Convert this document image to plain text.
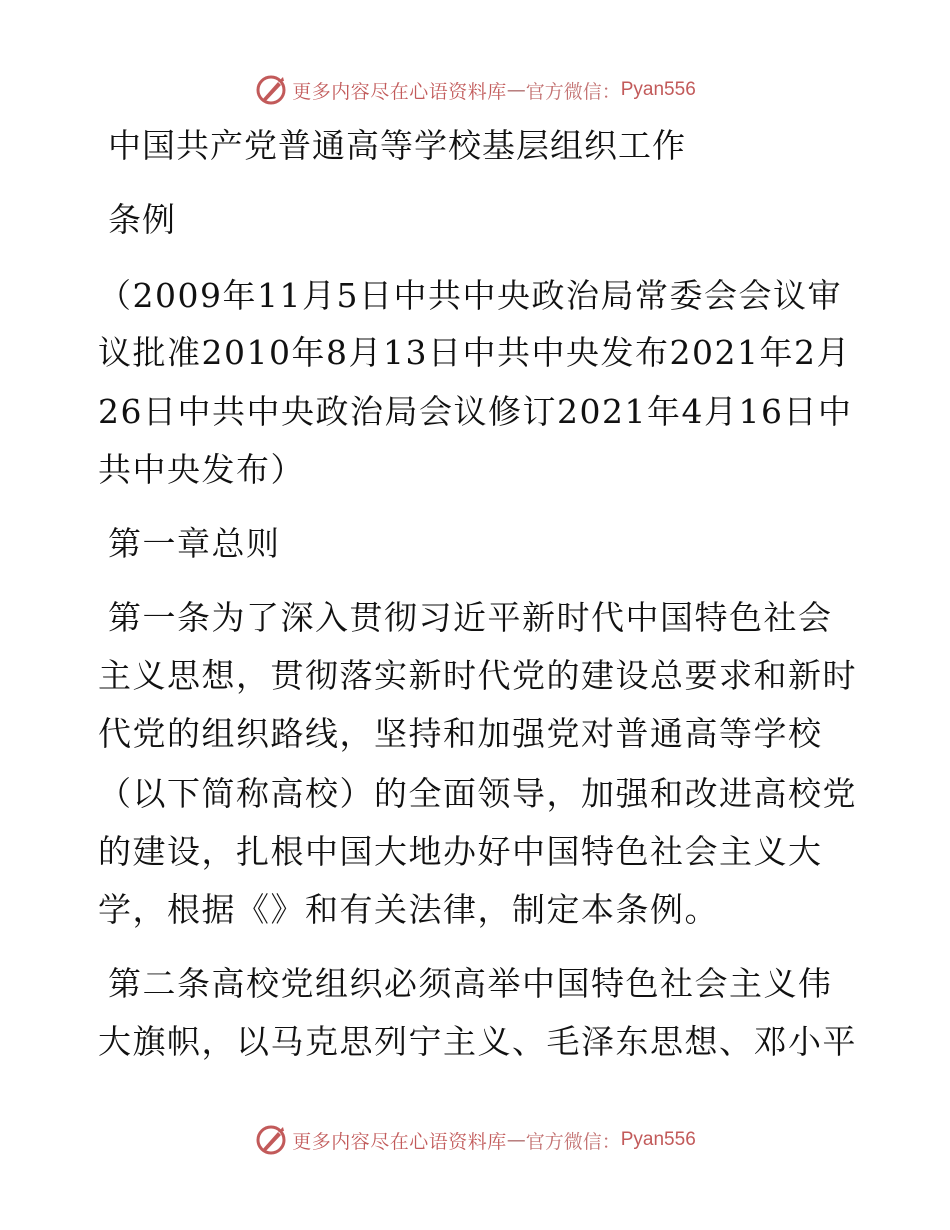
更多内容尽在心语资料库 — 官方微信： Pyan556
中国共产党普通高等学校基层组织工作
条例
（2009年11月5日中共中央政治局常委会会议审
议批准2010年8月13日中共中央发布2021年2月
26日中共中央政治局会议修订2021年4月16日中
共中央发布）
第一章总则
第一条为了深入贯彻习近平新时代中国特色社会
主义思想，贯彻落实新时代党的建设总要求和新时
代党的组织路线，坚持和加强党对普通高等学校
（以下简称高校）的全面领导，加强和改进高校党
的建设，扎根中国大地办好中国特色社会主义大
学，根据《》和有关法律，制定本条例。
第二条高校党组织必须高举中国特色社会主义伟
大旗帜，以马克思列宁主义、毛泽东思想、邓小平
更多内容尽在心语资料库 — 官方微信： Pyan556
